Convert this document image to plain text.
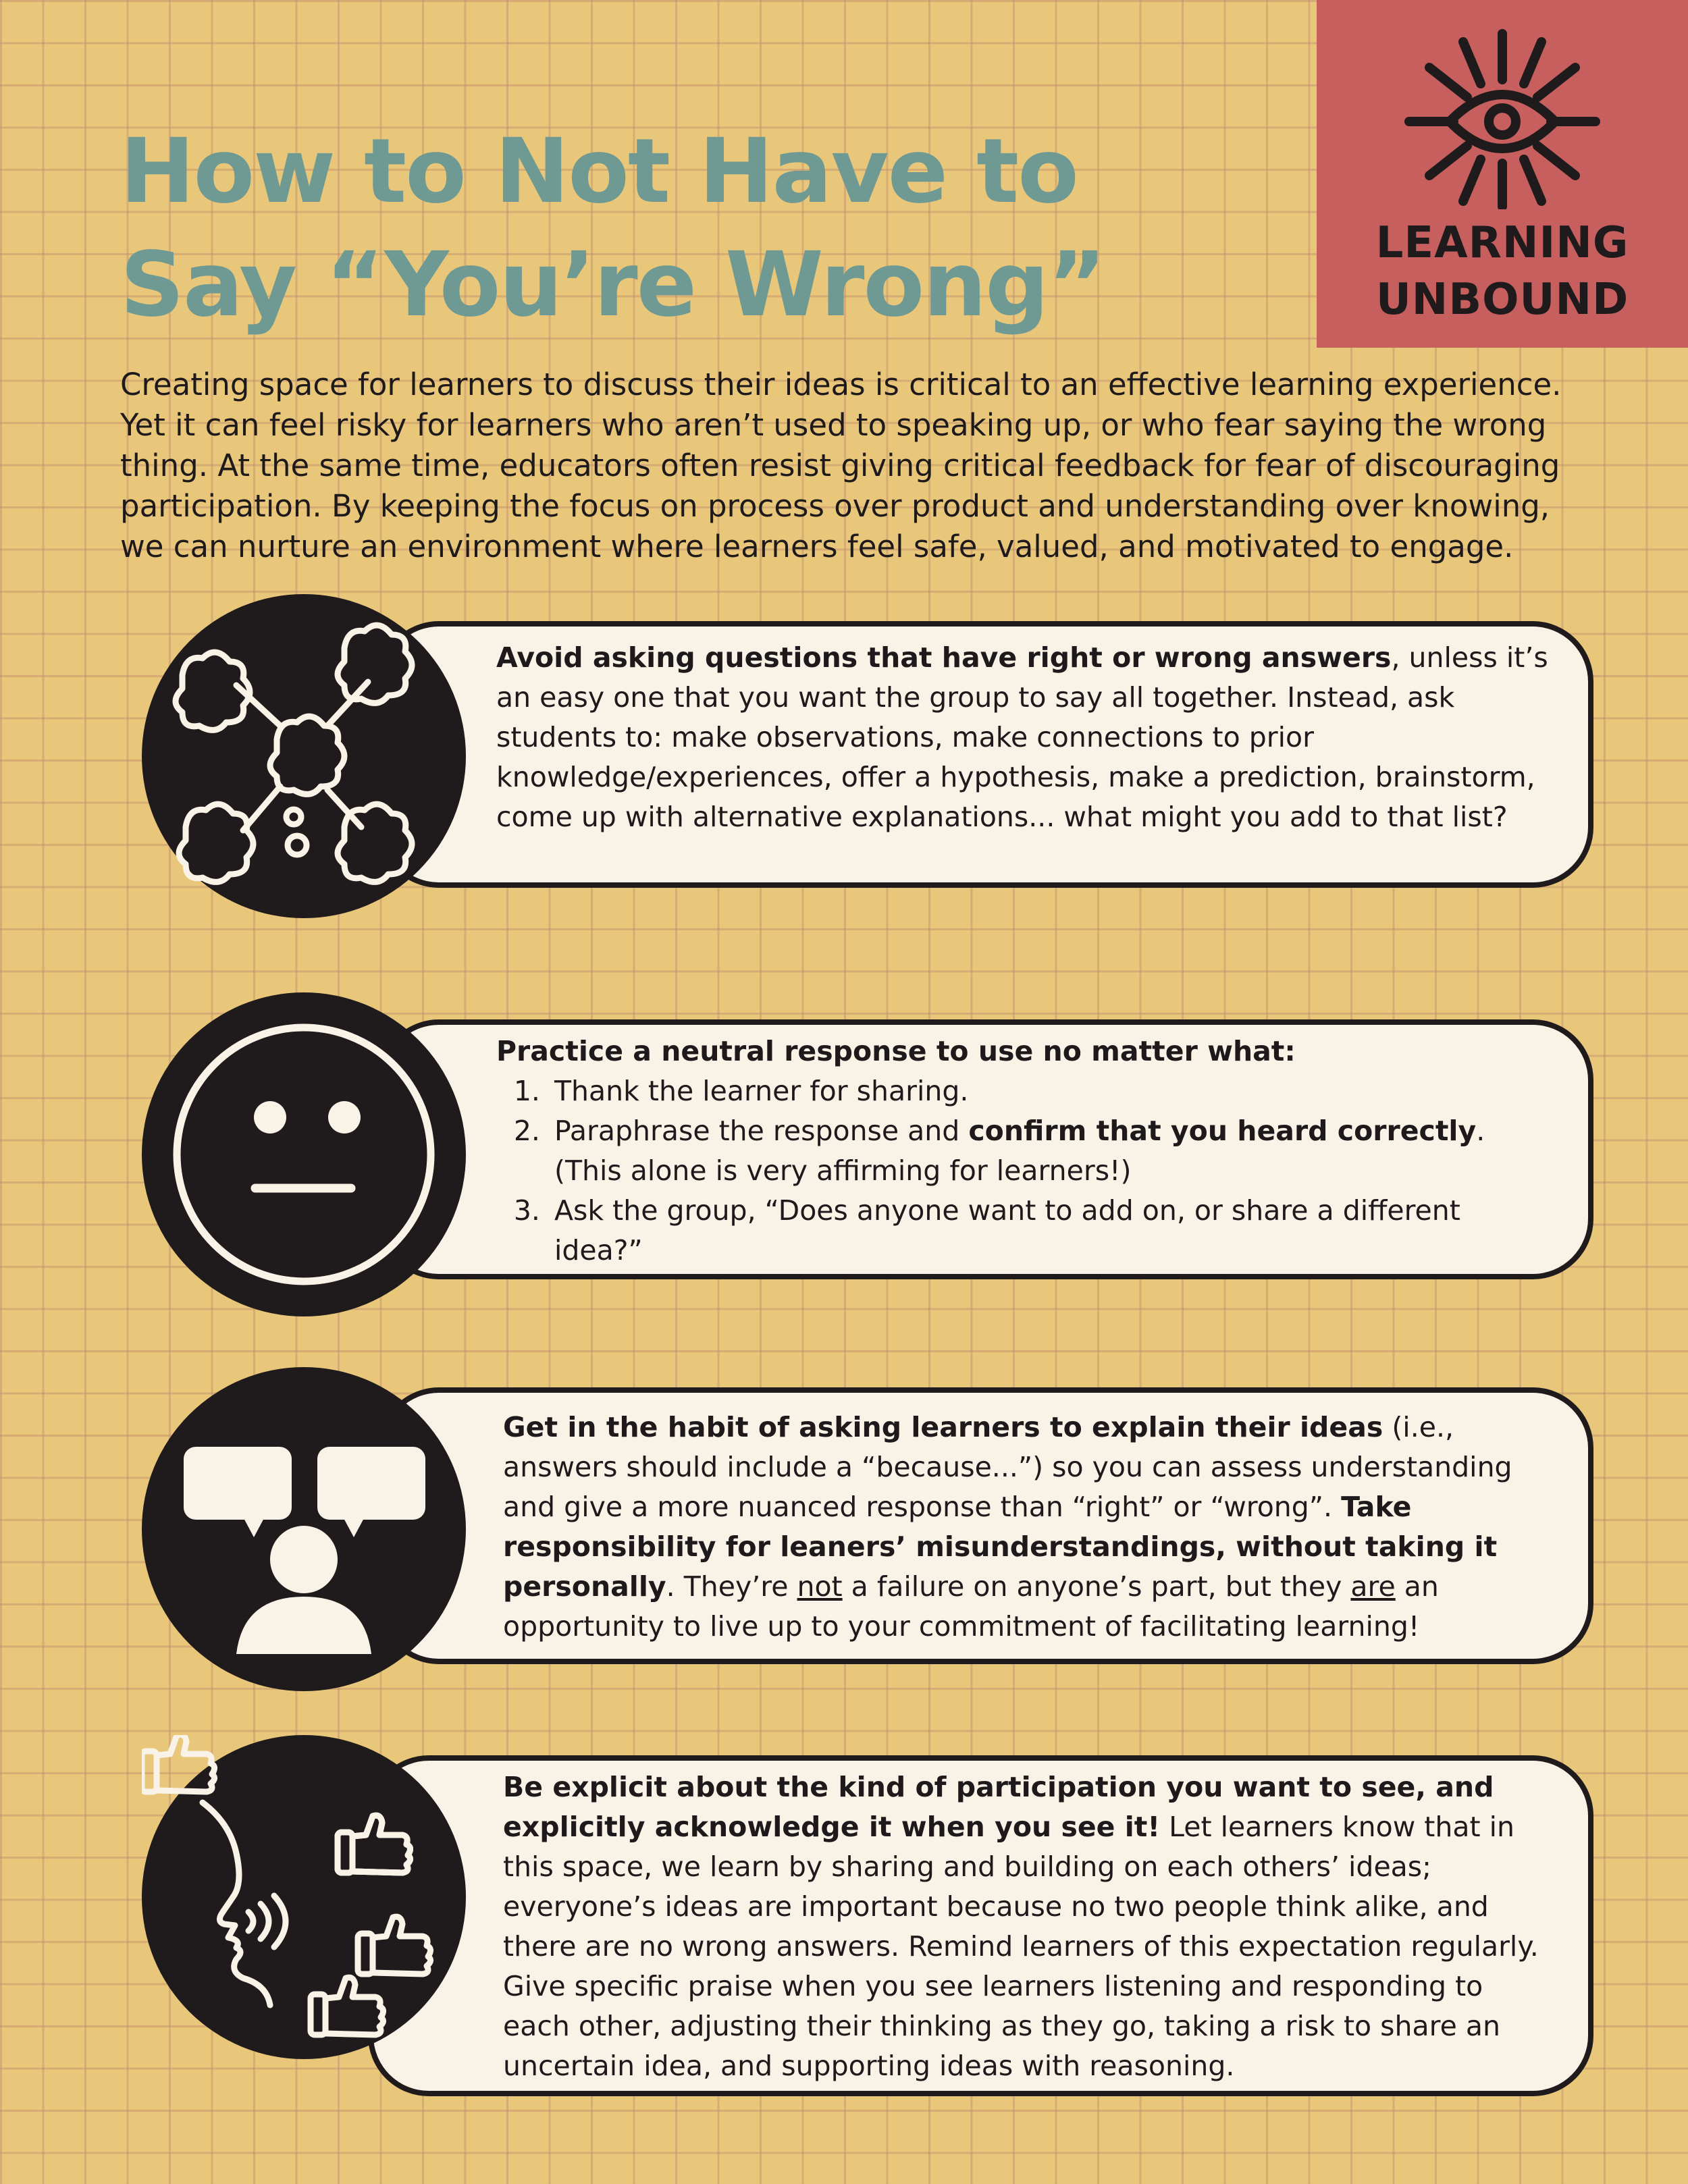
LEARNING
UNBOUND
How to Not Have to
Say “You’re Wrong”

Creating space for learners to discuss their ideas is critical to an effective learning experience. Yet it can feel risky for learners who aren’t used to speaking up, or who fear saying the wrong thing. At the same time, educators often resist giving critical feedback for fear of discouraging participation. By keeping the focus on process over product and understanding over knowing, we can nurture an environment where learners feel safe, valued, and motivated to engage.

Avoid asking questions that have right or wrong answers, unless it’s an easy one that you want the group to say all together. Instead, ask students to: make observations, make connections to prior knowledge/experiences, offer a hypothesis, make a prediction, brainstorm, come up with alternative explanations... what might you add to that list?
Practice a neutral response to use no matter what:
1. Thank the learner for sharing.
2. Paraphrase the response and confirm that you heard correctly. (This alone is very affirming for learners!)
3. Ask the group, “Does anyone want to add on, or share a different idea?”
Get in the habit of asking learners to explain their ideas (i.e., answers should include a “because...”) so you can assess understanding and give a more nuanced response than “right” or “wrong”. Take responsibility for leaners’ misunderstandings, without taking it personally. They’re not a failure on anyone’s part, but they are an opportunity to live up to your commitment of facilitating learning!
Be explicit about the kind of participation you want to see, and explicitly acknowledge it when you see it! Let learners know that in this space, we learn by sharing and building on each others’ ideas; everyone’s ideas are important because no two people think alike, and there are no wrong answers. Remind learners of this expectation regularly. Give specific praise when you see learners listening and responding to each other, adjusting their thinking as they go, taking a risk to share an uncertain idea, and supporting ideas with reasoning.
